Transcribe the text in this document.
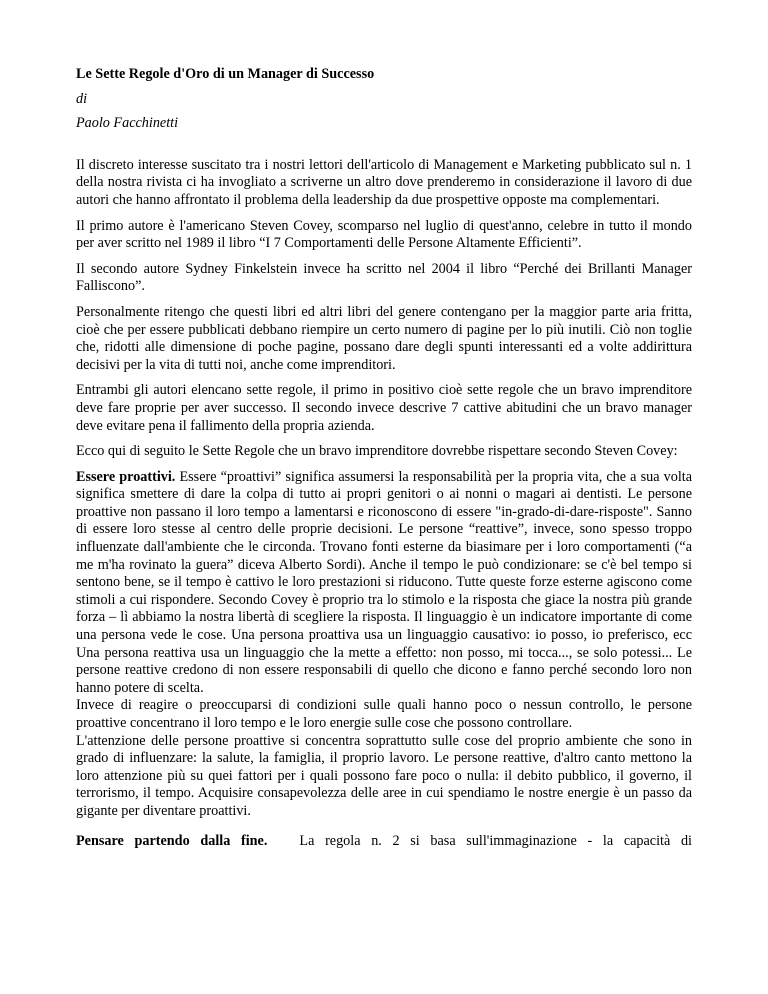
Le Sette Regole d'Oro di un Manager di Successo
di
Paolo Facchinetti

Il discreto interesse suscitato tra i nostri lettori dell'articolo di Management e Marketing pubblicato sul n. 1 della nostra rivista ci ha invogliato a scriverne un altro dove prenderemo in considerazione il lavoro di due autori che hanno affrontato il problema della leadership da due prospettive opposte ma complementari.

Il primo autore è l'americano Steven Covey, scomparso nel luglio di quest'anno, celebre in tutto il mondo per aver scritto nel 1989 il libro “I 7 Comportamenti delle Persone Altamente Efficienti”.

Il secondo autore Sydney Finkelstein invece ha scritto nel 2004 il libro “Perché dei Brillanti Manager Falliscono”.

Personalmente ritengo che questi libri ed altri libri del genere contengano per la maggior parte aria fritta, cioè che per essere pubblicati debbano riempire un certo numero di pagine per lo più inutili. Ciò non toglie che, ridotti alle dimensione di poche pagine, possano dare degli spunti interessanti ed a volte addirittura decisivi per la vita di tutti noi, anche come imprenditori.

Entrambi gli autori elencano sette regole, il primo in positivo cioè sette regole che un bravo imprenditore deve fare proprie per aver successo. Il secondo invece descrive 7 cattive abitudini che un bravo manager deve evitare pena il fallimento della propria azienda.

Ecco qui di seguito le Sette Regole che un bravo imprenditore dovrebbe rispettare secondo Steven Covey:

Essere proattivi. Essere “proattivi” significa assumersi la responsabilità per la propria vita, che a sua volta significa smettere di dare la colpa di tutto ai propri genitori o ai nonni o magari ai dentisti. Le persone proattive non passano il loro tempo a lamentarsi e riconoscono di essere "in-grado-di-dare-risposte". Sanno di essere loro stesse al centro delle proprie decisioni. Le persone “reattive”, invece, sono spesso troppo influenzate dall'ambiente che le circonda. Trovano fonti esterne da biasimare per i loro comportamenti (“a me m'ha rovinato la guera” diceva Alberto Sordi). Anche il tempo le può condizionare: se c'è bel tempo si sentono bene, se il tempo è cattivo le loro prestazioni si riducono. Tutte queste forze esterne agiscono come stimoli a cui rispondere. Secondo Covey è proprio tra lo stimolo e la risposta che giace la nostra più grande forza – lì abbiamo la nostra libertà di scegliere la risposta. Il linguaggio è un indicatore importante di come una persona vede le cose. Una persona proattiva usa un linguaggio causativo: io posso, io preferisco, ecc Una persona reattiva usa un linguaggio che la mette a effetto: non posso, mi tocca..., se solo potessi... Le persone reattive credono di non essere responsabili di quello che dicono e fanno perché secondo loro non hanno potere di scelta.

Invece di reagire o preoccuparsi di condizioni sulle quali hanno poco o nessun controllo, le persone proattive concentrano il loro tempo e le loro energie sulle cose che possono controllare.

L'attenzione delle persone proattive si concentra soprattutto sulle cose del proprio ambiente che sono in grado di influenzare: la salute, la famiglia, il proprio lavoro. Le persone reattive, d'altro canto mettono la loro attenzione più su quei fattori per i quali possono fare poco o nulla: il debito pubblico, il governo, il terrorismo, il tempo. Acquisire consapevolezza delle aree in cui spendiamo le nostre energie è un passo da gigante per diventare proattivi.

Pensare partendo dalla fine.   La regola n. 2 si basa sull'immaginazione - la capacità di
